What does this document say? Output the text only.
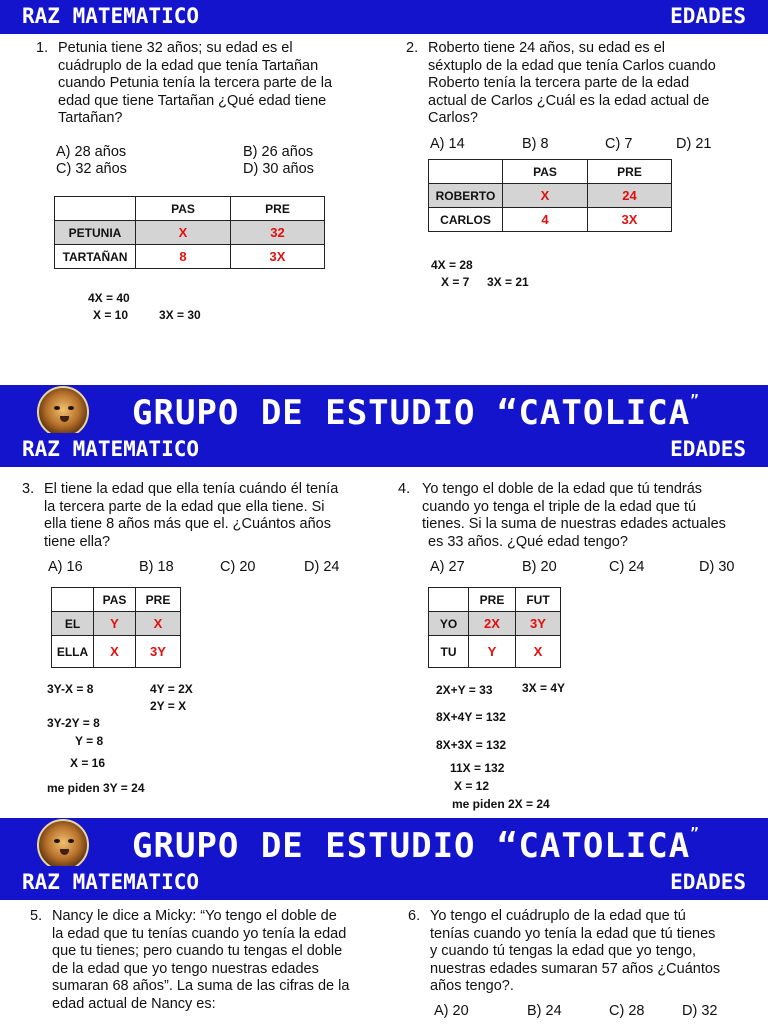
RAZ MATEMATICO	EDADES
1. Petunia tiene 32 años; su edad es el
cuádruplo de la edad que tenía Tartañan
cuando Petunia tenía la tercera parte de la
edad que tiene Tartañan ¿Qué edad tiene
Tartañan?
A) 28 años	B) 26 años
C) 32 años	D) 30 años
	PAS	PRE
PETUNIA	X	32
TARTAÑAN	8	3X
4X = 40
X = 10	3X = 30
2. Roberto tiene 24 años, su edad es el
séxtuplo de la edad que tenía Carlos cuando
Roberto tenía la tercera parte de la edad
actual de Carlos ¿Cuál es la edad actual de
Carlos?
A) 14	B) 8	C) 7	D) 21
	PAS	PRE
ROBERTO	X	24
CARLOS	4	3X
4X = 28
X = 7 3X = 21
GRUPO DE ESTUDIO “CATOLICA”
RAZ MATEMATICO	EDADES
3. El tiene la edad que ella tenía cuándo él tenía
la tercera parte de la edad que ella tiene. Si
ella tiene 8 años más que el. ¿Cuántos años
tiene ella?
A) 16	B) 18	C) 20	D) 24
	PAS	PRE
EL	Y	X
ELLA	X	3Y
3Y-X = 8	4Y = 2X
2Y = X
3Y-2Y = 8
Y = 8
X = 16
me piden 3Y = 24
4. Yo tengo el doble de la edad que tú tendrás
cuando yo tenga el triple de la edad que tú
tienes. Si la suma de nuestras edades actuales
es 33 años. ¿Qué edad tengo?
A) 27	B) 20	C) 24	D) 30
	PRE	FUT
YO	2X	3Y
TU	Y	X
2X+Y = 33 3X = 4Y
8X+4Y = 132
8X+3X = 132
11X = 132
X = 12
me piden 2X = 24
GRUPO DE ESTUDIO “CATOLICA”
RAZ MATEMATICO	EDADES
5. Nancy le dice a Micky: “Yo tengo el doble de
la edad que tu tenías cuando yo tenía la edad
que tu tienes; pero cuando tu tengas el doble
de la edad que yo tengo nuestras edades
sumaran 68 años”. La suma de las cifras de la
edad actual de Nancy es:
6. Yo tengo el cuádruplo de la edad que tú
tenías cuando yo tenía la edad que tú tienes
y cuando tú tengas la edad que yo tengo,
nuestras edades sumaran 57 años ¿Cuántos
años tengo?.
A) 20	B) 24	C) 28	D) 32
